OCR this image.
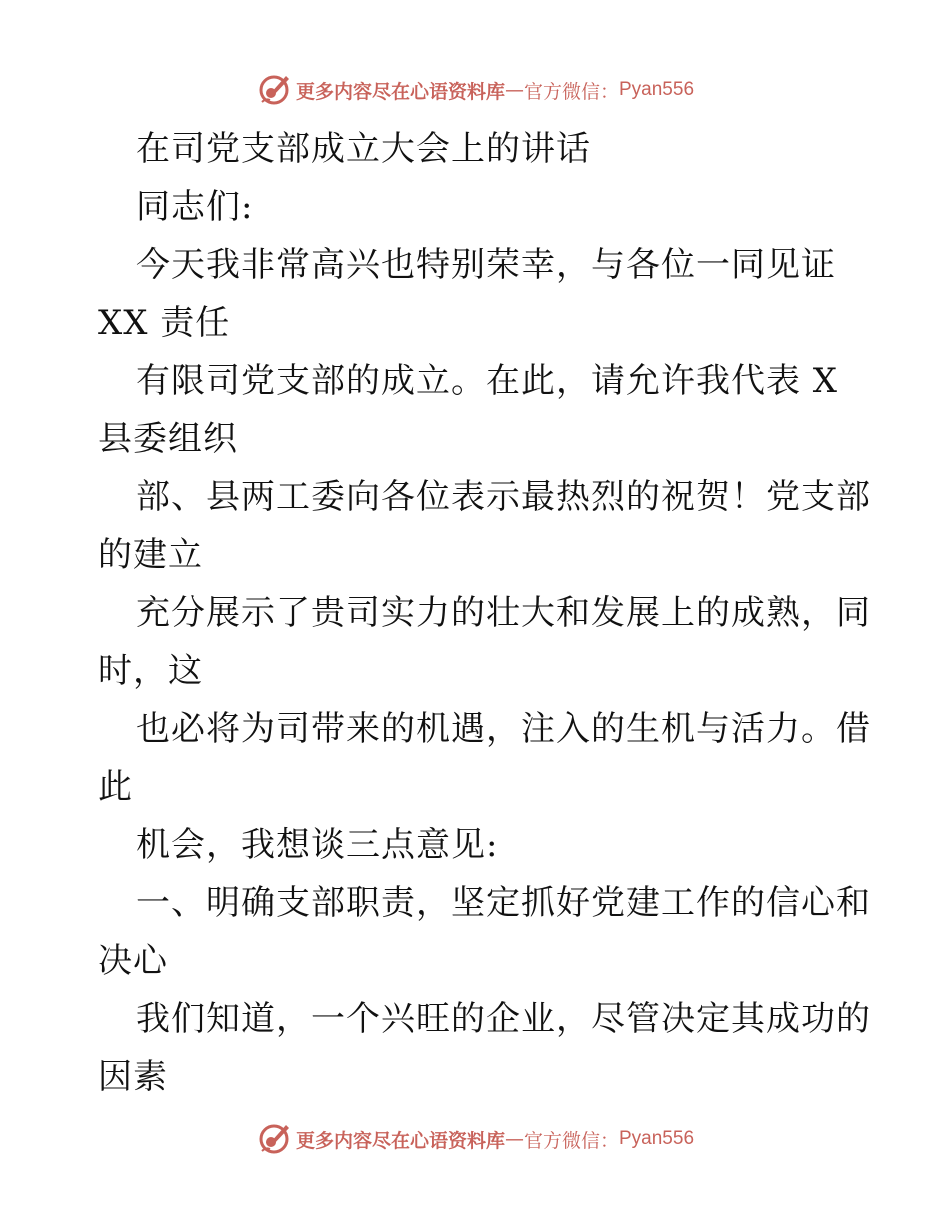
更多内容尽在心语资料库 — 官方微信： Pyan556
在司党支部成立大会上的讲话
同志们:
今天我非常高兴也特别荣幸，与各位一同见证
XX 责任
有限司党支部的成立。在此，请允许我代表 X
县委组织
部、县两工委向各位表示最热烈的祝贺！党支部
的建立
充分展示了贵司实力的壮大和发展上的成熟，同
时，这
也必将为司带来的机遇，注入的生机与活力。借
此
机会，我想谈三点意见:
一、明确支部职责，坚定抓好党建工作的信心和
决心
我们知道，一个兴旺的企业，尽管决定其成功的
因素
更多内容尽在心语资料库 — 官方微信： Pyan556
